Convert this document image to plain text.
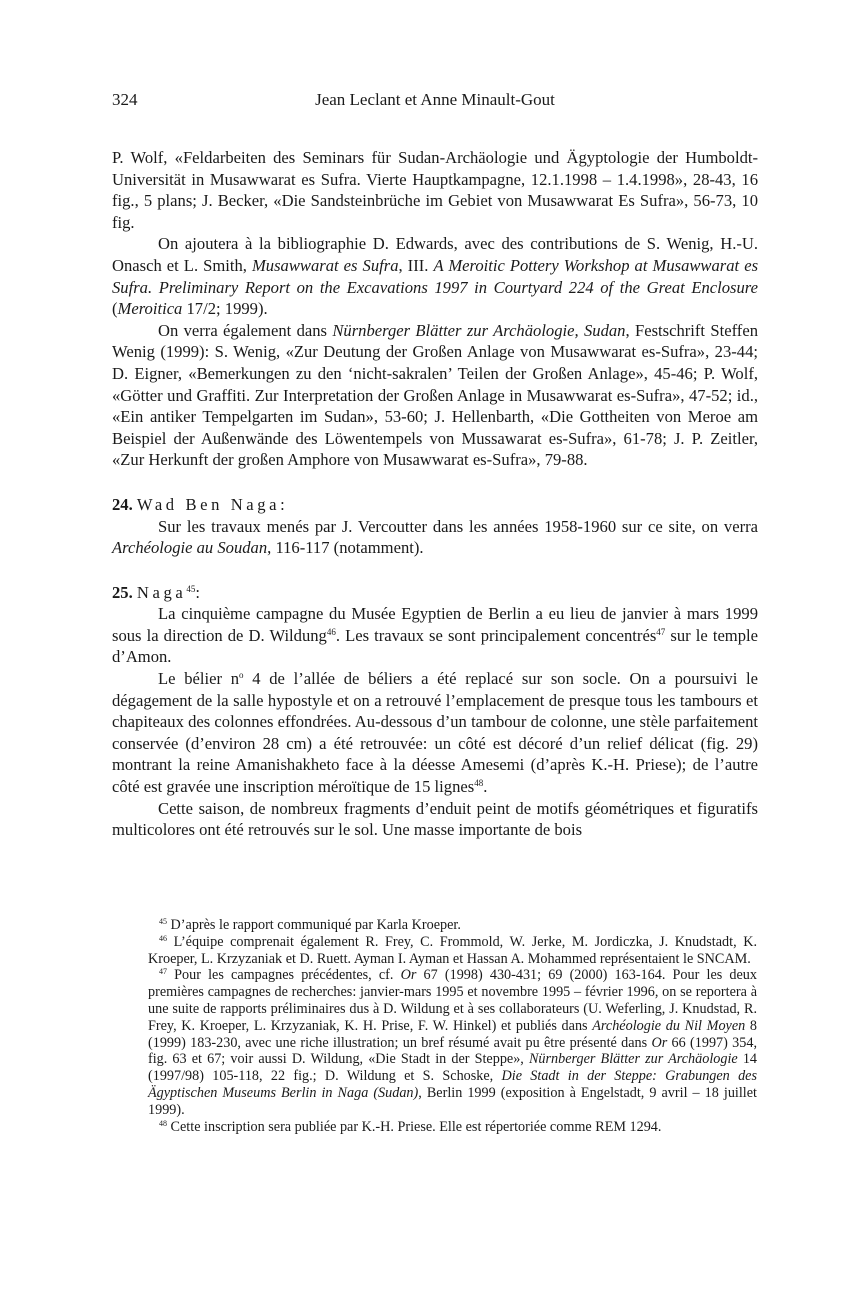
324	Jean Leclant et Anne Minault-Gout

P. Wolf, «Feldarbeiten des Seminars für Sudan-Archäologie und Ägyptologie der Humboldt-Universität in Musawwarat es Sufra. Vierte Hauptkampagne, 12.1.1998 – 1.4.1998», 28-43, 16 fig., 5 plans; J. Becker, «Die Sandsteinbrüche im Gebiet von Musawwarat Es Sufra», 56-73, 10 fig.

On ajoutera à la bibliographie D. Edwards, avec des contributions de S. Wenig, H.-U. Onasch et L. Smith, Musawwarat es Sufra, III. A Meroitic Pottery Workshop at Musawwarat es Sufra. Preliminary Report on the Excavations 1997 in Courtyard 224 of the Great Enclosure (Meroitica 17/2; 1999).

On verra également dans Nürnberger Blätter zur Archäologie, Sudan, Festschrift Steffen Wenig (1999): S. Wenig, «Zur Deutung der Großen Anlage von Musawwarat es-Sufra», 23-44; D. Eigner, «Bemerkungen zu den ‘nicht-sakralen’ Teilen der Großen Anlage», 45-46; P. Wolf, «Götter und Graffiti. Zur Interpretation der Großen Anlage in Musawwarat es-Sufra», 47-52; id., «Ein antiker Tempelgarten im Sudan», 53-60; J. Hellenbarth, «Die Gottheiten von Meroe am Beispiel der Außenwände des Löwentempels von Mussawarat es-Sufra», 61-78; J. P. Zeitler, «Zur Herkunft der großen Amphore von Musawwarat es-Sufra», 79-88.

24. Wad Ben Naga:

Sur les travaux menés par J. Vercoutter dans les années 1958-1960 sur ce site, on verra Archéologie au Soudan, 116-117 (notamment).

25. Naga$^{45}$:

La cinquième campagne du Musée Egyptien de Berlin a eu lieu de janvier à mars 1999 sous la direction de D. Wildung$^{46}$. Les travaux se sont principalement concentrés$^{47}$ sur le temple d’Amon.

Le bélier $n^o$ 4 de l’allée de béliers a été replacé sur son socle. On a poursuivi le dégagement de la salle hypostyle et on a retrouvé l’emplacement de presque tous les tambours et chapiteaux des colonnes effondrées. Au-dessous d’un tambour de colonne, une stèle parfaitement conservée (d’environ 28 cm) a été retrouvée: un côté est décoré d’un relief délicat (fig. 29) montrant la reine Amanishakheto face à la déesse Amesemi (d’après K.-H. Priese); de l’autre côté est gravée une inscription méroïtique de 15 lignes$^{48}$.

Cette saison, de nombreux fragments d’enduit peint de motifs géométriques et figuratifs multicolores ont été retrouvés sur le sol. Une masse importante de bois

$^{45}$ D’après le rapport communiqué par Karla Kroeper.

$^{46}$ L’équipe comprenait également R. Frey, C. Frommold, W. Jerke, M. Jordiczka, J. Knudstadt, K. Kroeper, L. Krzyzaniak et D. Ruett. Ayman I. Ayman et Hassan A. Mohammed représentaient le SNCAM.

$^{47}$ Pour les campagnes précédentes, cf. Or 67 (1998) 430-431; 69 (2000) 163-164. Pour les deux premières campagnes de recherches: janvier-mars 1995 et novembre 1995 – février 1996, on se reportera à une suite de rapports préliminaires dus à D. Wildung et à ses collaborateurs (U. Weferling, J. Knudstad, R. Frey, K. Kroeper, L. Krzyzaniak, K. H. Prise, F. W. Hinkel) et publiés dans Archéologie du Nil Moyen 8 (1999) 183-230, avec une riche illustration; un bref résumé avait pu être présenté dans Or 66 (1997) 354, fig. 63 et 67; voir aussi D. Wildung, «Die Stadt in der Steppe», Nürnberger Blätter zur Archäologie 14 (1997/98) 105-118, 22 fig.; D. Wildung et S. Schoske, Die Stadt in der Steppe: Grabungen des Ägyptischen Museums Berlin in Naga (Sudan), Berlin 1999 (exposition à Engelstadt, 9 avril – 18 juillet 1999).

$^{48}$ Cette inscription sera publiée par K.-H. Priese. Elle est répertoriée comme REM 1294.
